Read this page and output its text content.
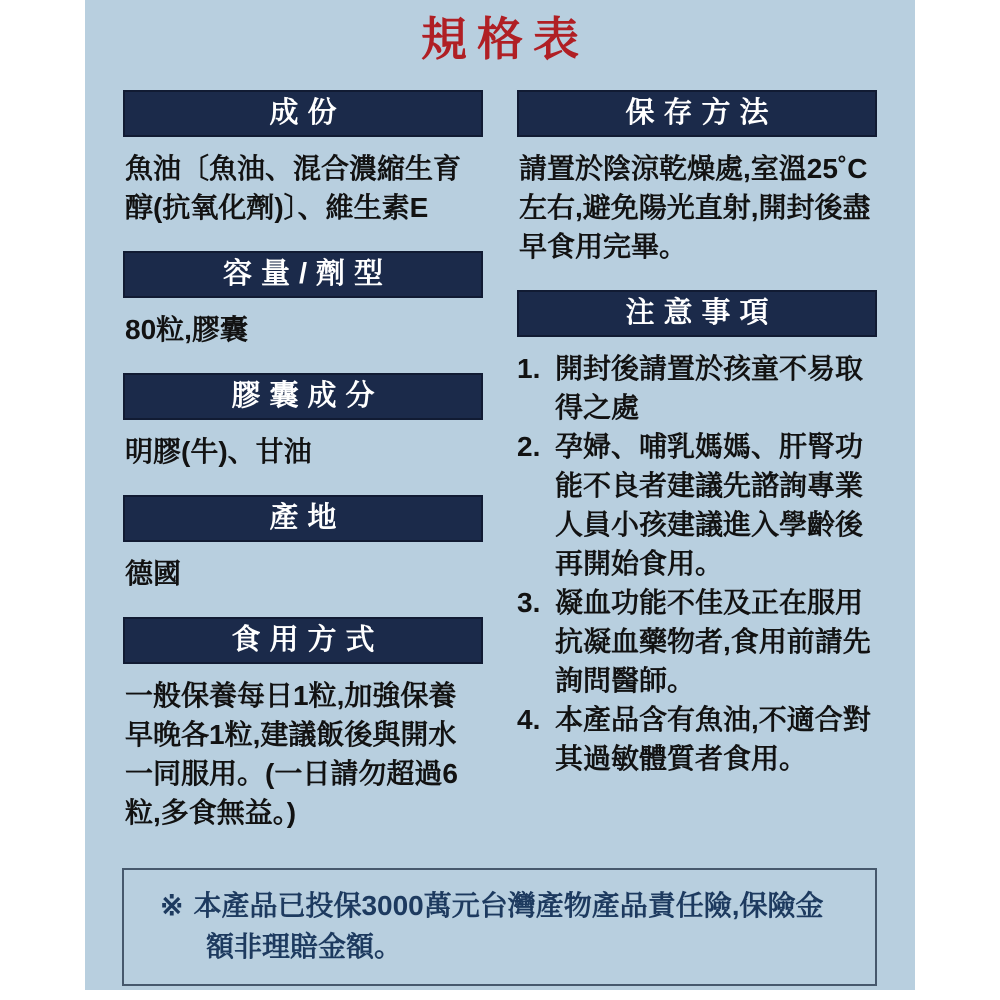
規格表
成份
魚油〔魚油、混合濃縮生育醇(抗氧化劑)〕、維生素E
容量/劑型
80粒,膠囊
膠囊成分
明膠(牛)、甘油
產地
德國
食用方式
一般保養每日1粒,加強保養早晚各1粒,建議飯後與開水一同服用。(一日請勿超過6粒,多食無益。)
保存方法
請置於陰涼乾燥處,室溫25˚C左右,避免陽光直射,開封後盡早食用完畢。
注意事項
1. 開封後請置於孩童不易取得之處
2. 孕婦、哺乳媽媽、肝腎功能不良者建議先諮詢專業人員小孩建議進入學齡後再開始食用。
3. 凝血功能不佳及正在服用抗凝血藥物者,食用前請先詢問醫師。
4. 本產品含有魚油,不適合對其過敏體質者食用。
※ 本產品已投保3000萬元台灣產物產品責任險,保險金額非理賠金額。
